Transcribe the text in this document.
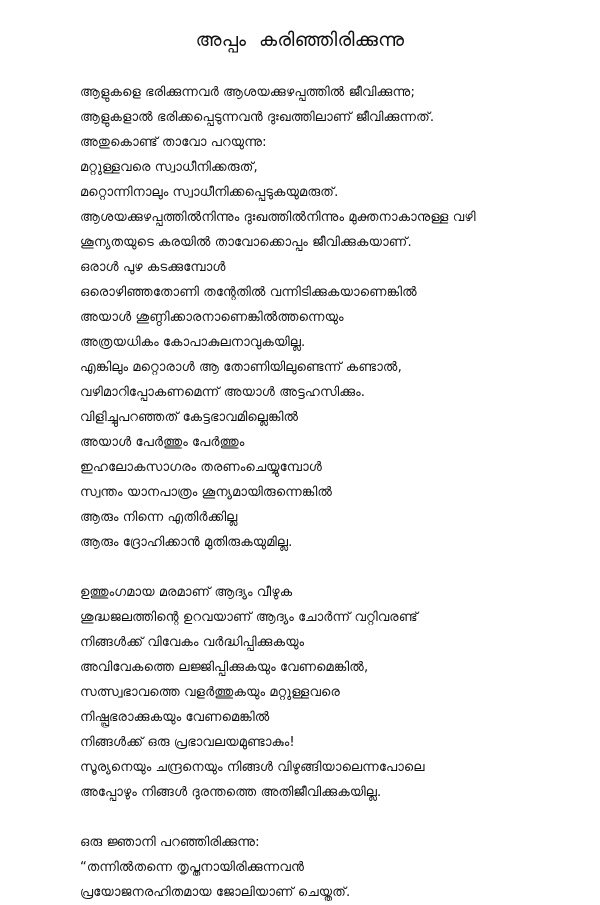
അപ്പം  കരിഞ്ഞിരിക്കുന്നു
ആളുകളെ ഭരിക്കുന്നവർ ആശയക്കുഴപ്പത്തിൽ ജീവിക്കുന്നു;
ആളുകളാൽ ഭരിക്കപ്പെടുന്നവൻ ദുഃഖത്തിലാണ് ജീവിക്കുന്നത്.
അതുകൊണ്ട് താവോ പറയുന്നു:
മറ്റുള്ളവരെ സ്വാധീനിക്കരുത്,
മറ്റൊന്നിനാലും സ്വാധീനിക്കപ്പെടുകയുമരുത്.
ആശയക്കുഴപ്പത്തിൽനിന്നും ദുഃഖത്തിൽനിന്നും മുക്തനാകാനുള്ള വഴി
ശൂന്യതയുടെ കരയിൽ താവോക്കൊപ്പം ജീവിക്കുകയാണ്.
ഒരാൾ പുഴ കടക്കുമ്പോൾ
ഒരൊഴിഞ്ഞതോണി തന്റേതിൽ വന്നിടിക്കുകയാണെങ്കിൽ
അയാൾ ശുണ്ഠിക്കാരനാണെങ്കിൽത്തന്നെയും
അത്രയധികം കോപാകുലനാവുകയില്ല.
എങ്കിലും മറ്റൊരാൾ ആ തോണിയിലുണ്ടെന്ന് കണ്ടാൽ,
വഴിമാറിപ്പോകണമെന്ന് അയാൾ അട്ടഹസിക്കും.
വിളിച്ചുപറഞ്ഞത് കേട്ടഭാവമില്ലെങ്കിൽ
അയാൾ പേർത്തും പേർത്തും
ഇഹലോകസാഗരം തരണംചെയ്യുമ്പോൾ
സ്വന്തം യാനപാത്രം ശൂന്യമായിരുന്നെങ്കിൽ
ആരും നിന്നെ എതിർക്കില്ല
ആരും ദ്രോഹിക്കാൻ മുതിരുകയുമില്ല.
ഉത്തുംഗമായ മരമാണ് ആദ്യം വീഴുക
ശുദ്ധജലത്തിന്റെ ഉറവയാണ് ആദ്യം ചോർന്ന് വറ്റിവരണ്ട്
നിങ്ങൾക്ക് വിവേകം വർദ്ധിപ്പിക്കുകയും
അവിവേകത്തെ ലജ്ജിപ്പിക്കുകയും വേണമെങ്കിൽ,
സത്സ്വഭാവത്തെ വളർത്തുകയും മറ്റുള്ളവരെ
നിഷ്പ്രഭരാക്കുകയും വേണമെങ്കിൽ
നിങ്ങൾക്ക് ഒരു പ്രഭാവലയമുണ്ടാകും!
സൂര്യനെയും ചന്ദ്രനെയും നിങ്ങൾ വിഴുങ്ങിയാലെന്നപോലെ
അപ്പോഴും നിങ്ങൾ ദുരന്തത്തെ അതിജീവിക്കുകയില്ല.
ഒരു ജ്ഞാനി പറഞ്ഞിരിക്കുന്നു:
“തന്നിൽതന്നെ തൃപ്തനായിരിക്കുന്നവൻ
പ്രയോജനരഹിതമായ ജോലിയാണ് ചെയ്തത്.
